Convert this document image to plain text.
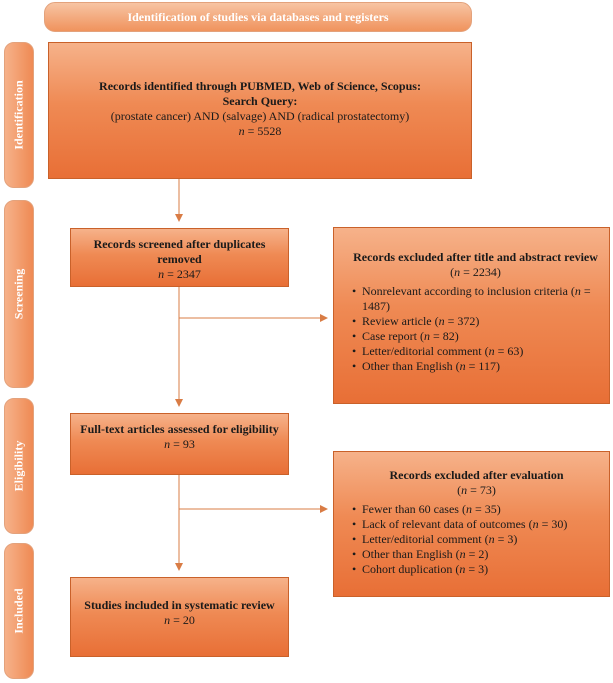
Identification of studies via databases and registers
Identification
Screening
Eligibility
Included
Records identified through PUBMED, Web of Science, Scopus:
Search Query:
(prostate cancer) AND (salvage) AND (radical prostatectomy)
n = 5528
Records screened after duplicates removed
n = 2347
Records excluded after title and abstract review
(n = 2234)
• Nonrelevant according to inclusion criteria (n = 1487)
• Review article (n = 372)
• Case report (n = 82)
• Letter/editorial comment (n = 63)
• Other than English (n = 117)
Full-text articles assessed for eligibility
n = 93
Records excluded after evaluation
(n = 73)
• Fewer than 60 cases (n = 35)
• Lack of relevant data of outcomes (n = 30)
• Letter/editorial comment (n = 3)
• Other than English (n = 2)
• Cohort duplication (n = 3)
Studies included in systematic review
n = 20
